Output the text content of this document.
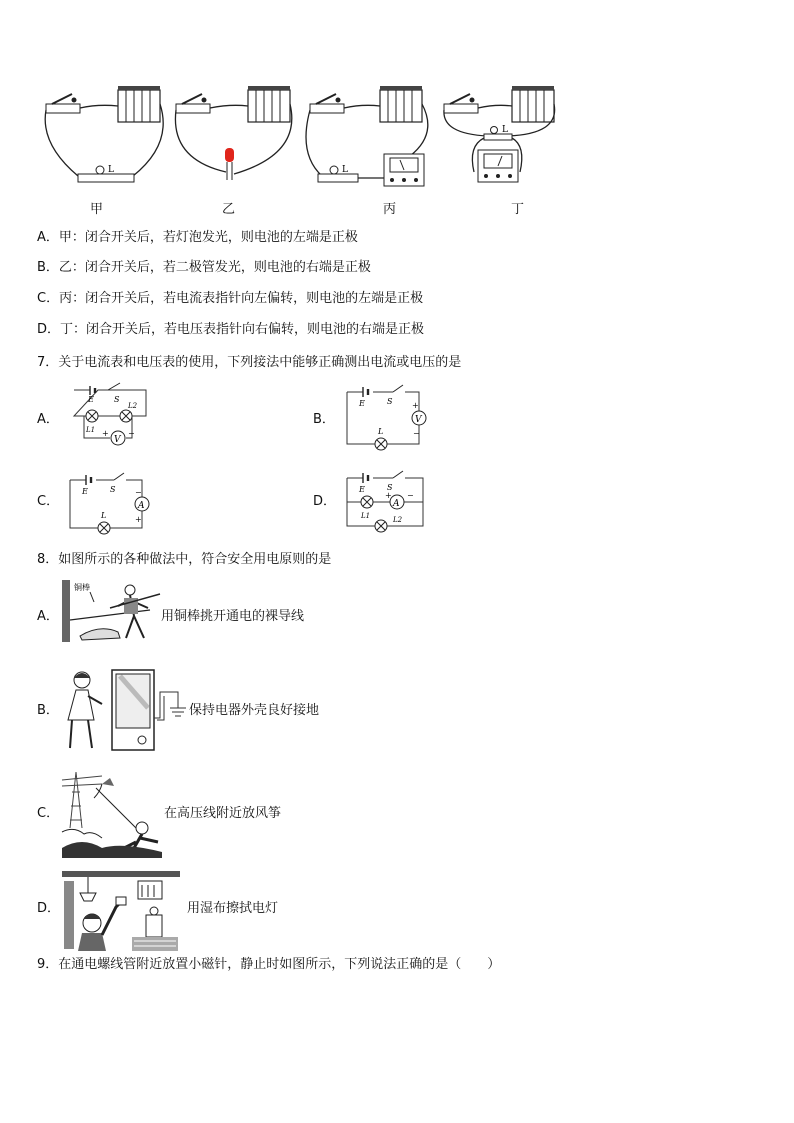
L
甲	乙
L
丙
L
丁
A．甲：闭合开关后，若灯泡发光，则电池的左端是正极
B．乙：闭合开关后，若二极管发光，则电池的右端是正极
C．丙：闭合开关后，若电流表指针向左偏转，则电池的左端是正极
D．丁：闭合开关后，若电压表指针向右偏转，则电池的右端是正极
7．关于电流表和电压表的使用，下列接法中能够正确测出电流或电压的是
A．
V
E	S
L1
L2
+ −
B．	V
E	S
L
+
−
C．	A
E	S
L
−
+
D．	A
E	S
L1	L2
+ −
8．如图所示的各种做法中，符合安全用电原则的是
A．
铜棒
用铜棒挑开通电的裸导线
B．	保持电器外壳良好接地
C．	在高压线附近放风筝
D．	用湿布擦拭电灯
9．在通电螺线管附近放置小磁针，静止时如图所示，下列说法正确的是（　　）
